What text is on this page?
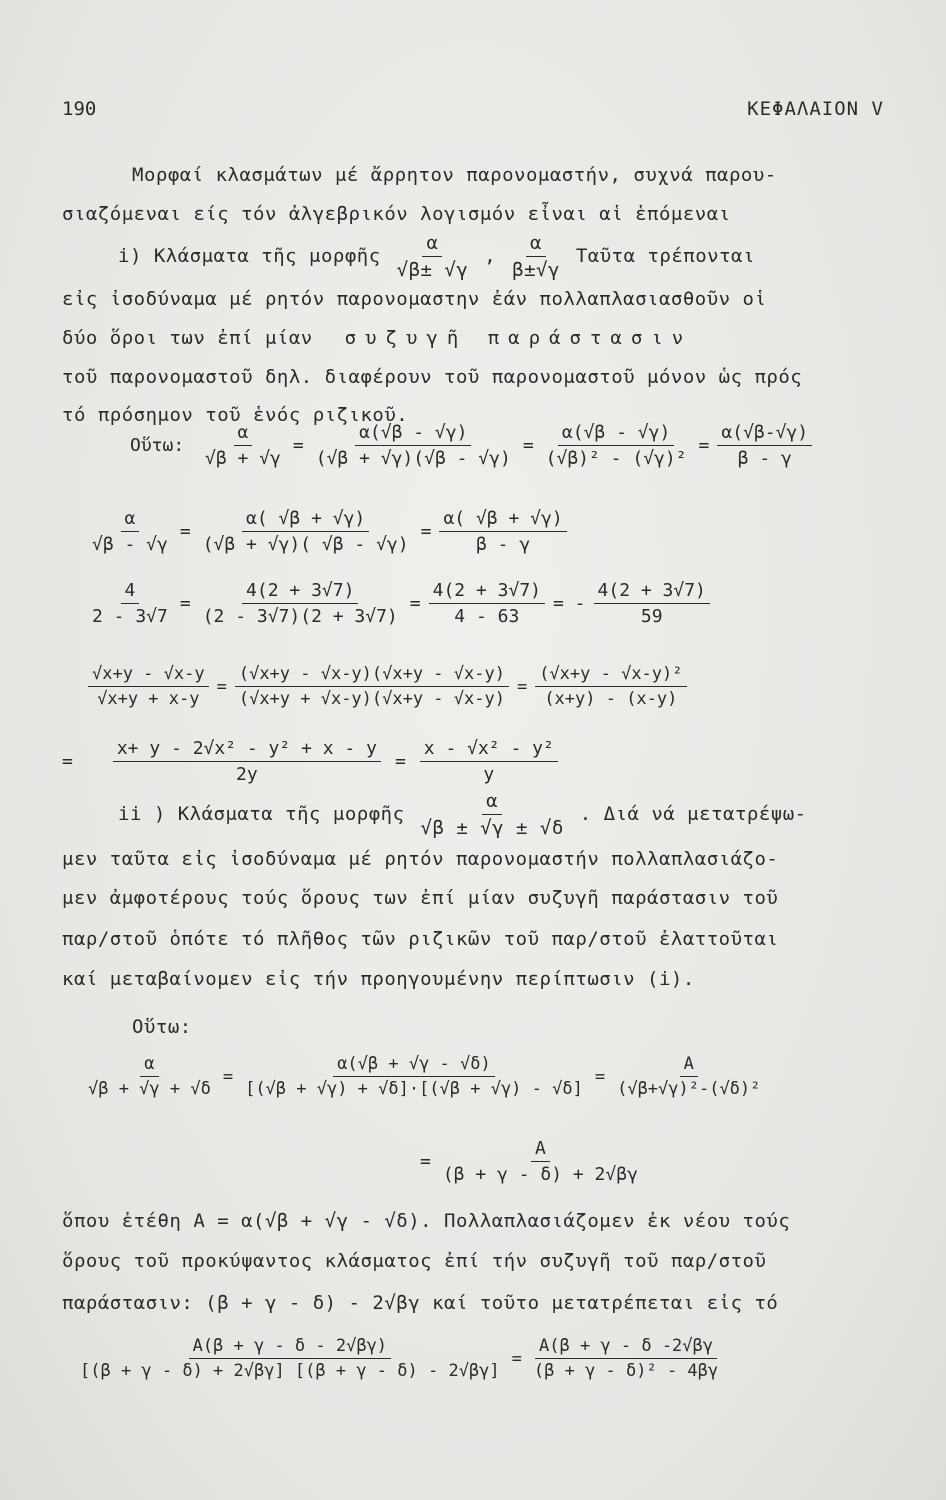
190	ΚΕΦΑΛΑΙΟΝ V
Μορφαί κλασμάτων μέ ἄρρητον παρονομαστήν, συχνά παρου-
σιαζόμεναι είς τόν ἀλγεβρικόν λογισμόν εἶναι αἱ ἑπόμεναι
i) Κλάσματα τῆς μορφῆς $\frac{\alpha}{√\beta\pm √\gamma}$ , $\frac{\alpha}{\beta\pm√\gamma}$ Ταῦτα τρέπονται
εἰς ἰσοδύναμα μέ ρητόν παρονομαστην ἐάν πολλαπλασιασθοῦν οἱ
δύο ὅροι των ἐπί μίαν συζυγῆ παράστασιν
τοῦ παρονομαστοῦ δηλ. διαφέρουν τοῦ παρονομαστοῦ μόνον ὡς πρός
τό πρόσημον τοῦ ἑνός ριζικοῦ.
Οὕτω: $\frac{\alpha}{√\beta + √\gamma} = \frac{\alpha(√\beta - √\gamma)}{(√\beta + √\gamma)(√\beta - √\gamma)} = \frac{\alpha(√\beta - √\gamma)}{\text{(√β)² - (√γ)²}} = \frac{\alpha(√\beta-√\gamma)}{\beta - \gamma}$
$\frac{\alpha}{√\beta - √\gamma} = \frac{\alpha( √\beta + √\gamma)}{(√\beta + √\gamma)( √\beta - √\gamma)} = \frac{\alpha( √\beta + √\gamma)}{\beta - \gamma}$
$\frac{4}{2 - 3√7} = \frac{4(2 + 3√7)}{(2 - 3√7)(2 + 3√7)} = \frac{4(2 + 3√7)}{4 - 63}$ = - $\frac{4(2 + 3√7)}{59}$
$\frac{√x+y - √x-y}{√x+y + x-y} = \frac{(√x+y - √x-y)(√x+y - √x-y)}{(√x+y + √x-y)(√x+y - √x-y)} = \frac{\text{(√x+y - √x-y)²}}{(x+y) - (x-y)}$
= $\frac{\text{x+ y - 2√x² - y² + x - y}}{2y} = \frac{\text{x - √x² - y²}}{y}$
ii ) Κλάσματα τῆς μορφῆς $\frac{\alpha}{√\beta \pm √\gamma \pm √\delta}$ . Διά νά μετατρέψω-
μεν ταῦτα εἰς ἰσοδύναμα μέ ρητόν παρονομαστήν πολλαπλασιάζο-
μεν ἀμφοτέρους τούς ὅρους των ἐπί μίαν συζυγῆ παράστασιν τοῦ
παρ/στοῦ ὁπότε τό πλῆθος τῶν ριζικῶν τοῦ παρ/στοῦ ἐλαττοῦται
καί μεταβαίνομεν εἰς τήν προηγουμένην περίπτωσιν (i).
Οὕτω:
$\frac{\alpha}{√\beta + √\gamma + √\delta} = \frac{\alpha(√\beta + √\gamma - √\delta)}{[(√\beta + √\gamma) + √\delta]\cdot[(√\beta + √\gamma) - √\delta]} = \frac{A}{\text{(√β+√γ)²-(√δ)²}}$
= $\frac{A}{(\beta + \gamma - \delta) + 2√\beta\gamma}$
ὅπου ἐτέθη A = α(√β + √γ - √δ). Πολλαπλασιάζομεν ἐκ νέου τούς
ὅρους τοῦ προκύψαντος κλάσματος ἐπί τήν συζυγῆ τοῦ παρ/στοῦ
παράστασιν: (β + γ - δ) - 2√βγ καί τοῦτο μετατρέπεται εἰς τό
$\frac{A(\beta + \gamma - \delta - 2√\beta\gamma)}{[(\beta + \gamma - \delta) + 2√\beta\gamma] [(\beta + \gamma - \delta) - 2√\beta\gamma]} = \frac{A(\beta + \gamma - \delta -2√\beta\gamma}{\text{(β + γ - δ)² - 4βγ}}$
